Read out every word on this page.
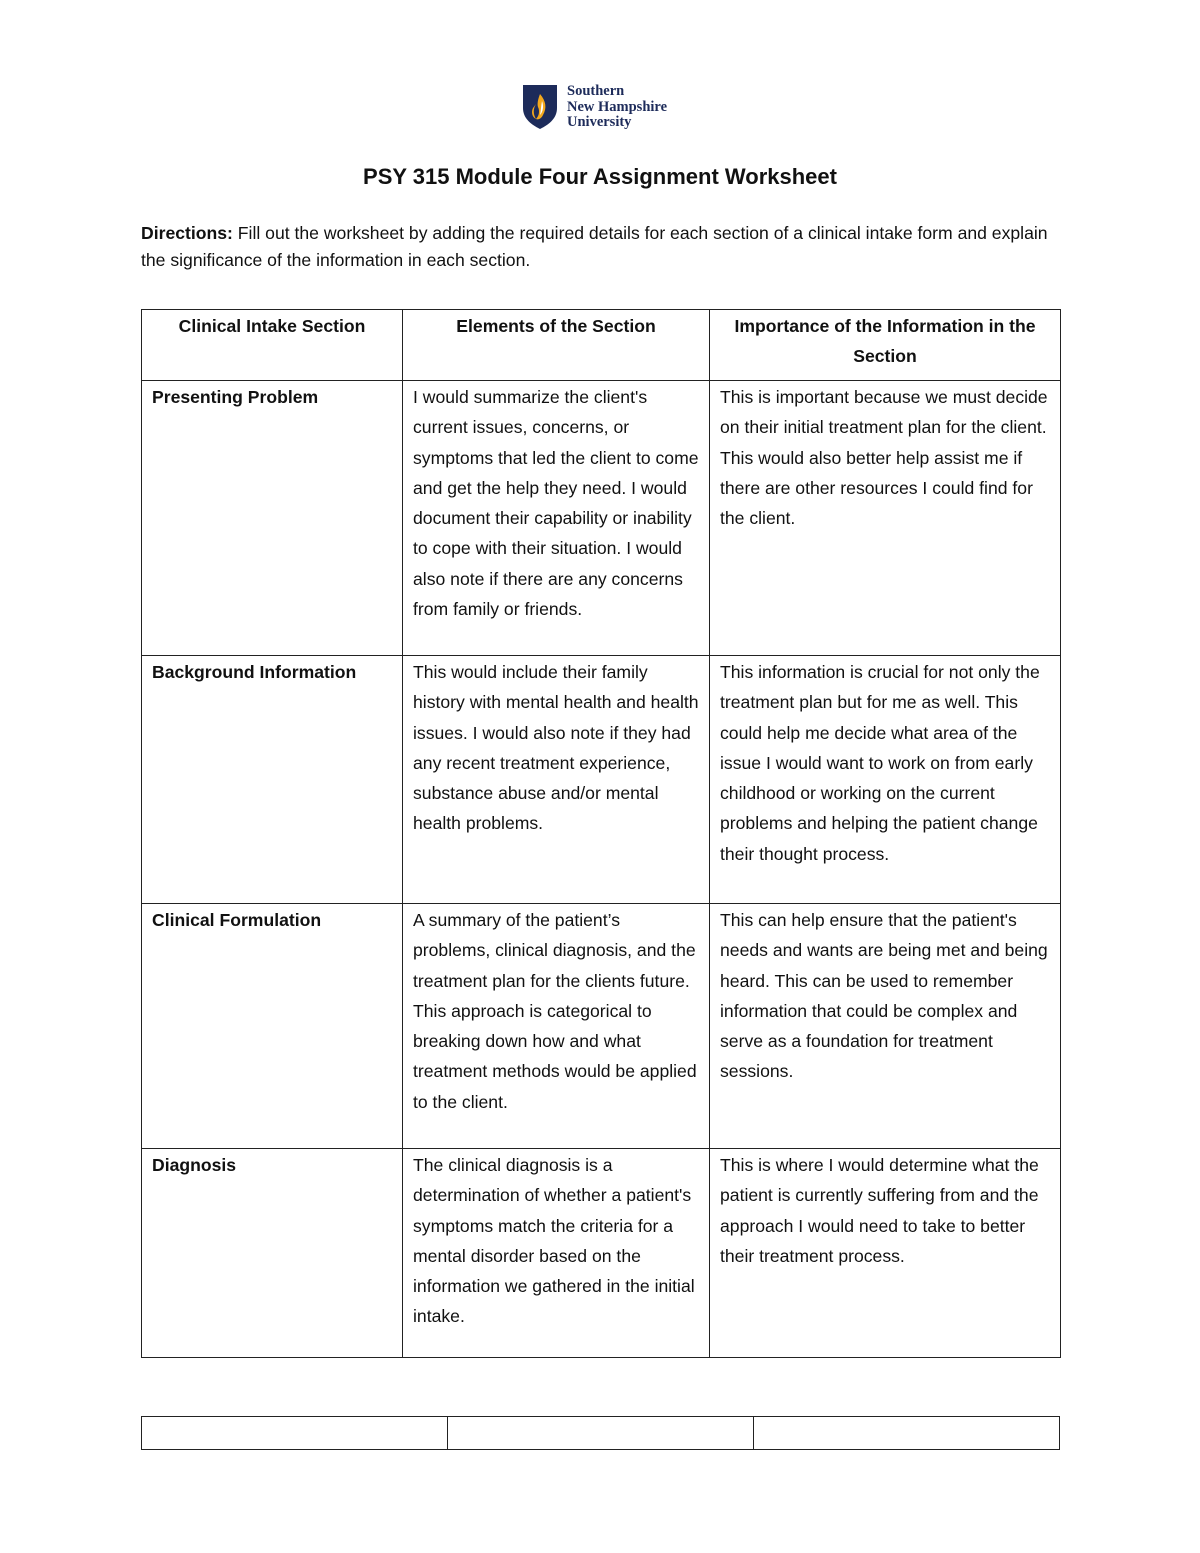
Southern
New Hampshire
University
PSY 315 Module Four Assignment Worksheet
Directions: Fill out the worksheet by adding the required details for each section of a clinical intake form and explain the significance of the information in each section.
Clinical Intake Section	Elements of the Section	Importance of the Information in the Section
Presenting Problem	I would summarize the client's current issues, concerns, or symptoms that led the client to come and get the help they need. I would document their capability or inability to cope with their situation. I would also note if there are any concerns from family or friends.	This is important because we must decide on their initial treatment plan for the client. This would also better help assist me if there are other resources I could find for the client.
Background Information	This would include their family history with mental health and health issues. I would also note if they had any recent treatment experience, substance abuse and/or mental health problems.	This information is crucial for not only the treatment plan but for me as well. This could help me decide what area of the issue I would want to work on from early childhood or working on the current problems and helping the patient change their thought process.
Clinical Formulation	A summary of the patient’s problems, clinical diagnosis, and the treatment plan for the clients future. This approach is categorical to breaking down how and what treatment methods would be applied to the client.	This can help ensure that the patient's needs and wants are being met and being heard. This can be used to remember information that could be complex and serve as a foundation for treatment sessions.
Diagnosis	The clinical diagnosis is a determination of whether a patient's symptoms match the criteria for a mental disorder based on the information we gathered in the initial intake.	This is where I would determine what the patient is currently suffering from and the approach I would need to take to better their treatment process.
